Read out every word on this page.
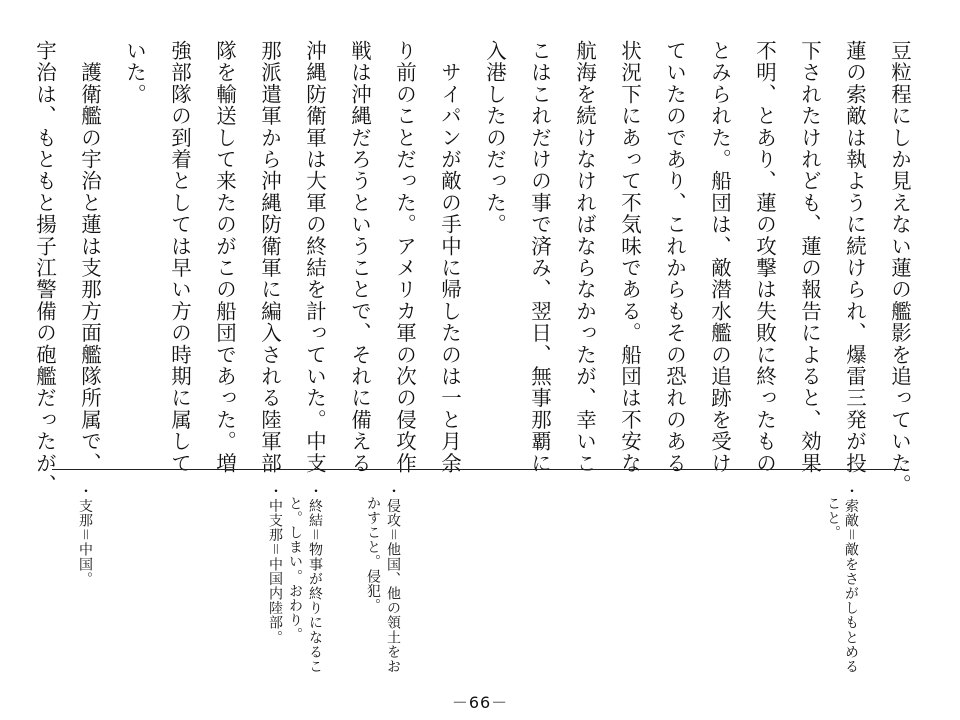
豆粒程にしか見えない蓮の艦影を追っていた。

蓮の索敵は執ように続けられ、爆雷三発が投

下されたけれども、蓮の報告によると、効果

不明、とあり、蓮の攻撃は失敗に終ったもの

とみられた。船団は、敵潜水艦の追跡を受け

ていたのであり、これからもその恐れのある

状況下にあって不気味である。船団は不安な

航海を続けなければならなかったが、幸いこ

こはこれだけの事で済み、翌日、無事那覇に

入港したのだった。

　サイパンが敵の手中に帰したのは一と月余

り前のことだった。アメリカ軍の次の侵攻作

戦は沖縄だろうということで、それに備える

沖縄防衛軍は大軍の終結を計っていた。中支

那派遣軍から沖縄防衛軍に編入される陸軍部

隊を輸送して来たのがこの船団であった。増

強部隊の到着としては早い方の時期に属して

いた。

　護衛艦の宇治と蓮は支那方面艦隊所属で、

宇治は、もともと揚子江警備の砲艦だったが、

・索敵＝敵をさがしもとめる

こと。

・侵攻＝他国、他の領土をお

かすこと。侵犯。

・終結＝物事が終りになるこ

と。しまい。おわり。

・中支那＝中国内陸部。

・支那＝中国。

－66－
